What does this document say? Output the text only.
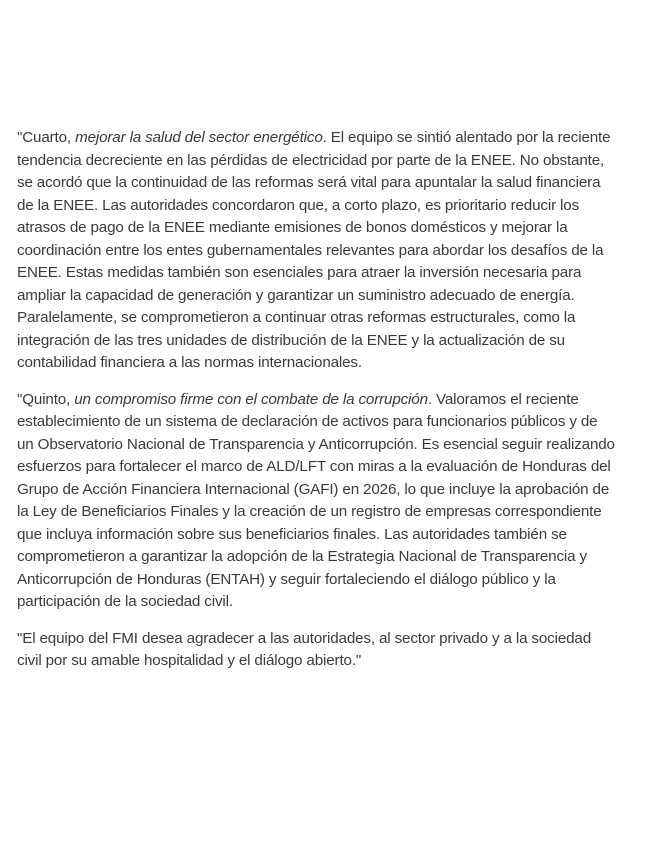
"Cuarto, mejorar la salud del sector energético. El equipo se sintió alentado por la reciente tendencia decreciente en las pérdidas de electricidad por parte de la ENEE. No obstante, se acordó que la continuidad de las reformas será vital para apuntalar la salud financiera de la ENEE. Las autoridades concordaron que, a corto plazo, es prioritario reducir los atrasos de pago de la ENEE mediante emisiones de bonos domésticos y mejorar la coordinación entre los entes gubernamentales relevantes para abordar los desafíos de la ENEE. Estas medidas también son esenciales para atraer la inversión necesaria para ampliar la capacidad de generación y garantizar un suministro adecuado de energía. Paralelamente, se comprometieron a continuar otras reformas estructurales, como la integración de las tres unidades de distribución de la ENEE y la actualización de su contabilidad financiera a las normas internacionales.

"Quinto, un compromiso firme con el combate de la corrupción. Valoramos el reciente establecimiento de un sistema de declaración de activos para funcionarios públicos y de un Observatorio Nacional de Transparencia y Anticorrupción. Es esencial seguir realizando esfuerzos para fortalecer el marco de ALD/LFT con miras a la evaluación de Honduras del Grupo de Acción Financiera Internacional (GAFI) en 2026, lo que incluye la aprobación de la Ley de Beneficiarios Finales y la creación de un registro de empresas correspondiente que incluya información sobre sus beneficiarios finales. Las autoridades también se comprometieron a garantizar la adopción de la Estrategia Nacional de Transparencia y Anticorrupción de Honduras (ENTAH) y seguir fortaleciendo el diálogo público y la participación de la sociedad civil.

"El equipo del FMI desea agradecer a las autoridades, al sector privado y a la sociedad civil por su amable hospitalidad y el diálogo abierto."
